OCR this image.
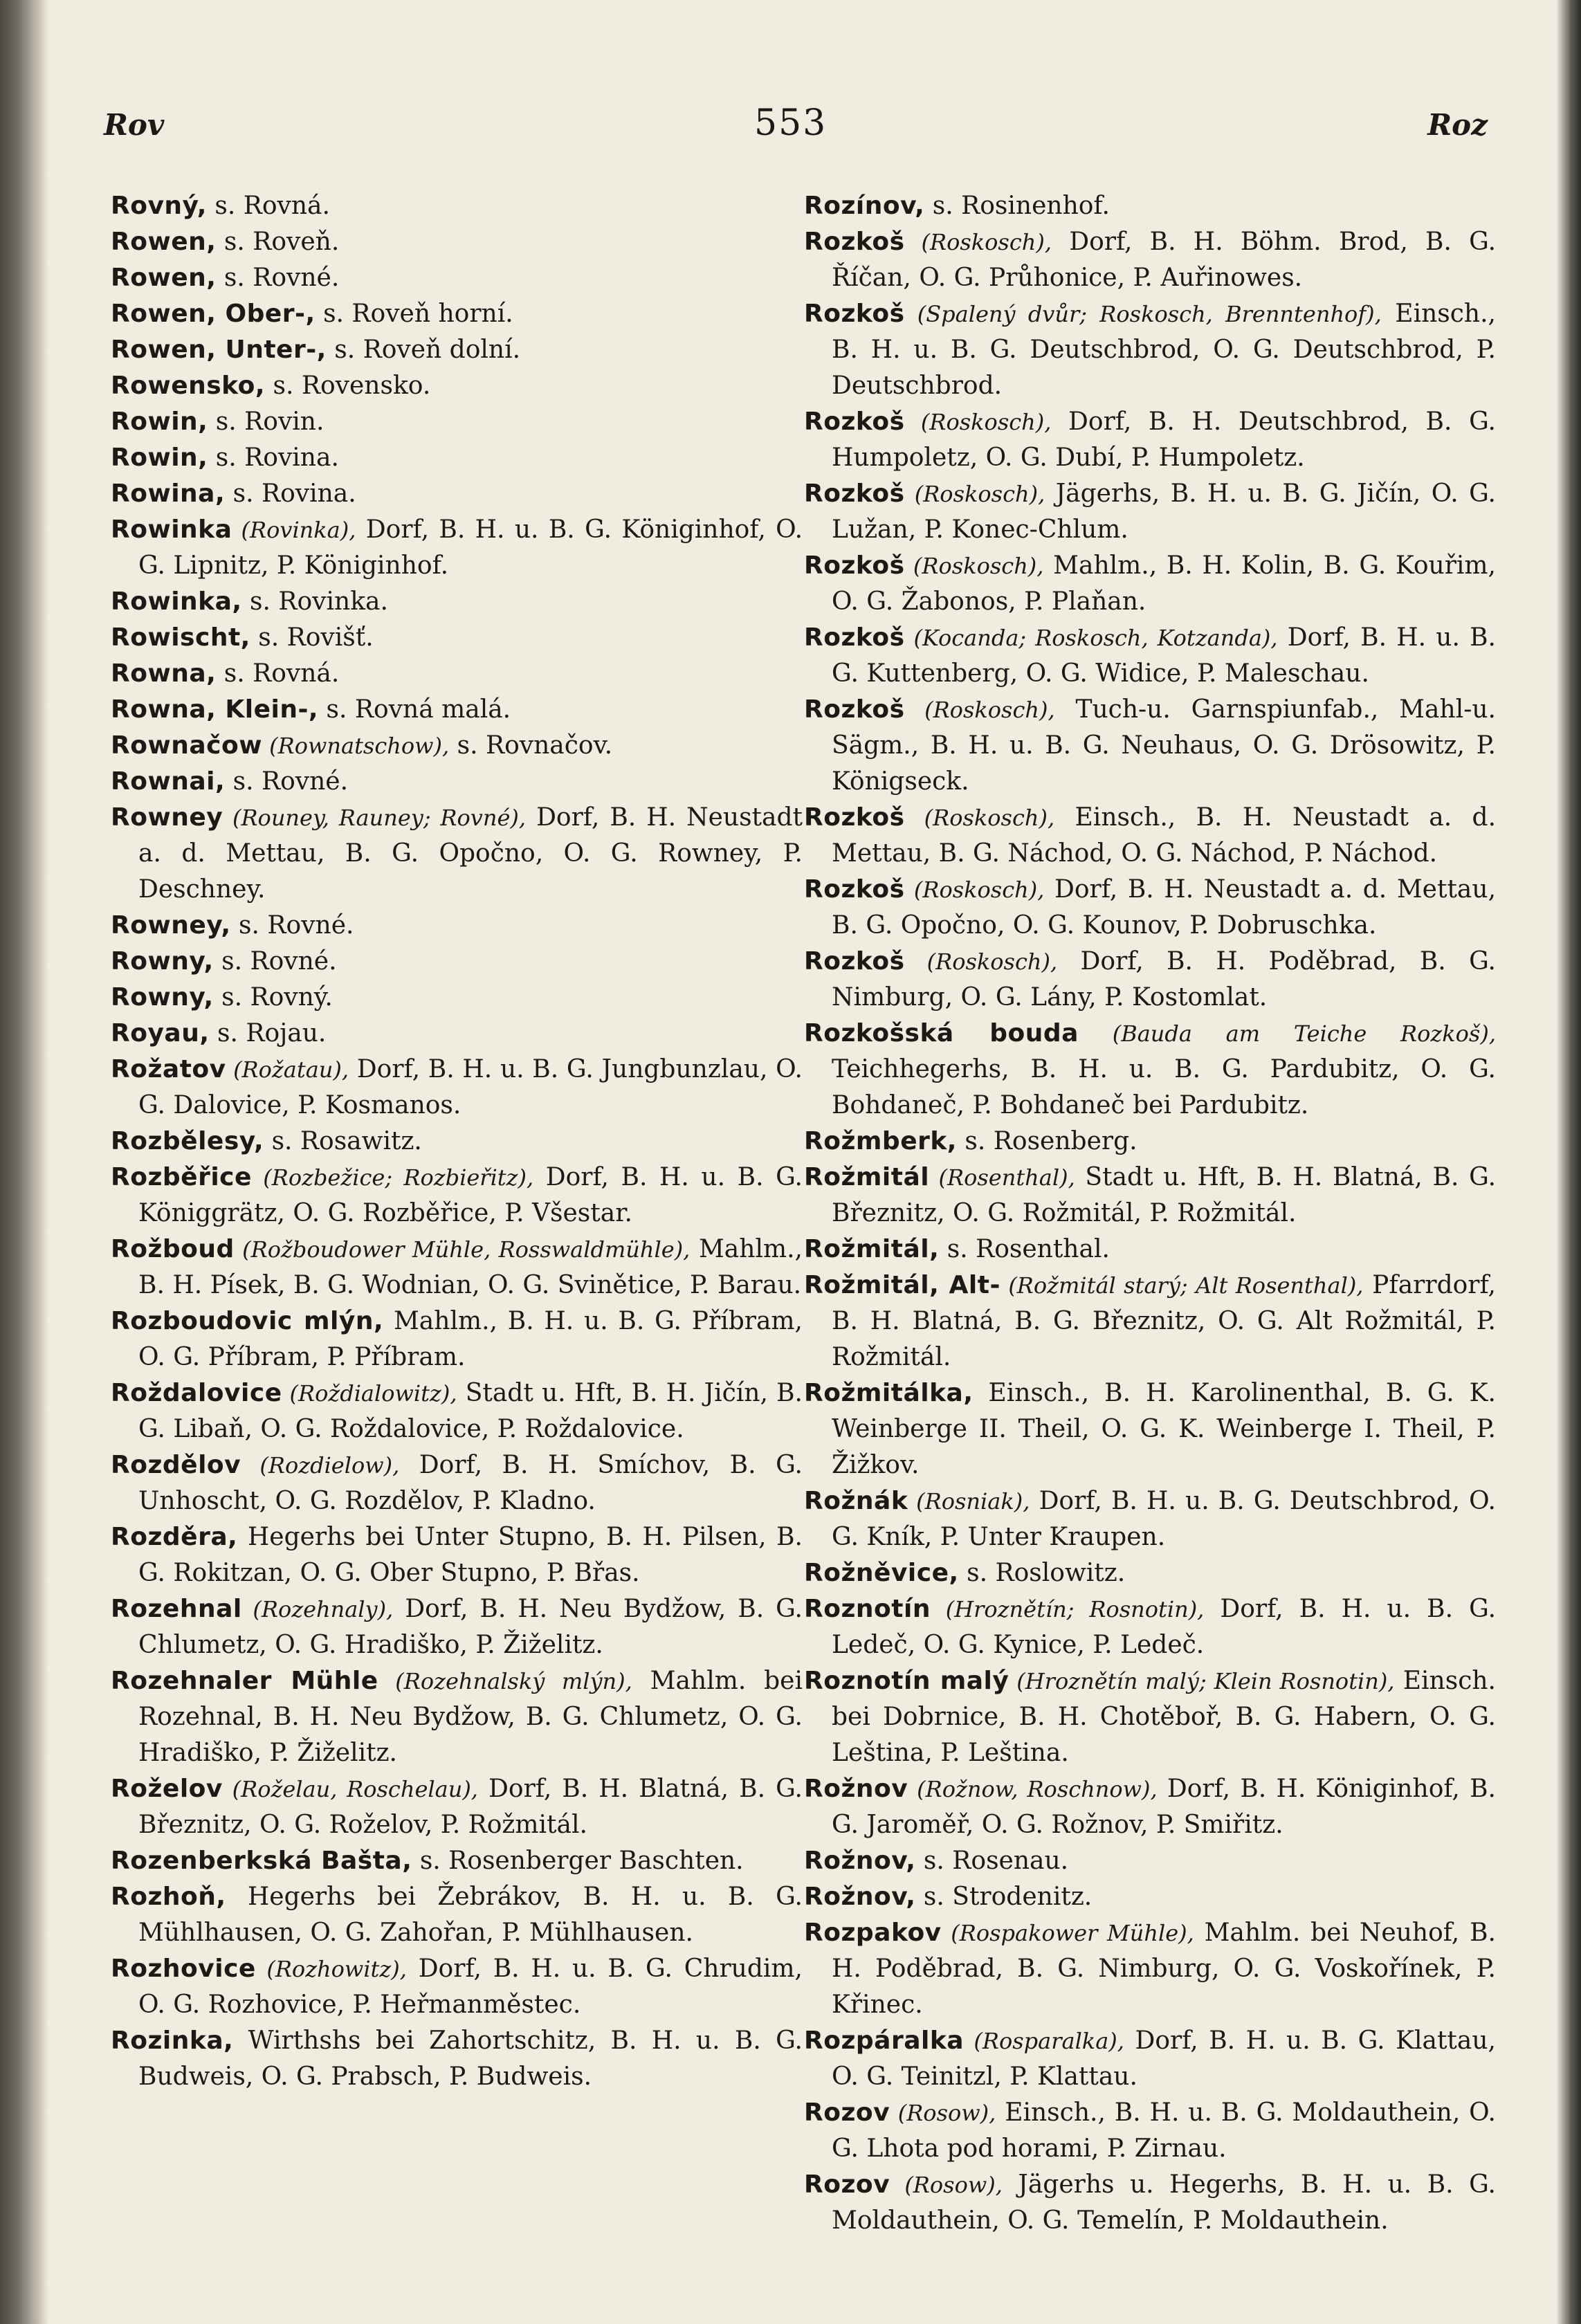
Rov	553	Roz

Rovný, s. Rovná.

Rowen, s. Roveň.

Rowen, s. Rovné.

Rowen, Ober-, s. Roveň horní.

Rowen, Unter-, s. Roveň dolní.

Rowensko, s. Rovensko.

Rowin, s. Rovin.

Rowin, s. Rovina.

Rowina, s. Rovina.

Rowinka (Rovinka), Dorf, B. H. u. B. G. Königinhof, O. G. Lipnitz, P. Königinhof.

Rowinka, s. Rovinka.

Rowischt, s. Rovišť.

Rowna, s. Rovná.

Rowna, Klein-, s. Rovná malá.

Rownačow (Rownatschow), s. Rovnačov.

Rownai, s. Rovné.

Rowney (Rouney, Rauney; Rovné), Dorf, B. H. Neustadt a. d. Mettau, B. G. Opočno, O. G. Rowney, P. Deschney.

Rowney, s. Rovné.

Rowny, s. Rovné.

Rowny, s. Rovný.

Royau, s. Rojau.

Rožatov (Rožatau), Dorf, B. H. u. B. G. Jungbunzlau, O. G. Dalovice, P. Kosmanos.

Rozbělesy, s. Rosawitz.

Rozběřice (Rozbežice; Rozbieřitz), Dorf, B. H. u. B. G. Königgrätz, O. G. Rozběřice, P. Všestar.

Rožboud (Rožboudower Mühle, Rosswaldmühle), Mahlm., B. H. Písek, B. G. Wodnian, O. G. Svinětice, P. Barau.

Rozboudovic mlýn, Mahlm., B. H. u. B. G. Příbram, O. G. Příbram, P. Příbram.

Roždalovice (Roždialowitz), Stadt u. Hft, B. H. Jičín, B. G. Libaň, O. G. Roždalovice, P. Roždalovice.

Rozdělov (Rozdielow), Dorf, B. H. Smíchov, B. G. Unhoscht, O. G. Rozdělov, P. Kladno.

Rozděra, Hegerhs bei Unter Stupno, B. H. Pilsen, B. G. Rokitzan, O. G. Ober Stupno, P. Břas.

Rozehnal (Rozehnaly), Dorf, B. H. Neu Bydžow, B. G. Chlumetz, O. G. Hradiško, P. Žiželitz.

Rozehnaler Mühle (Rozehnalský mlýn), Mahlm. bei Rozehnal, B. H. Neu Bydžow, B. G. Chlumetz, O. G. Hradiško, P. Žiželitz.

Roželov (Roželau, Roschelau), Dorf, B. H. Blatná, B. G. Březnitz, O. G. Roželov, P. Rožmitál.

Rozenberkská Bašta, s. Rosenberger Baschten.

Rozhoň, Hegerhs bei Žebrákov, B. H. u. B. G. Mühlhausen, O. G. Zahořan, P. Mühlhausen.

Rozhovice (Rozhowitz), Dorf, B. H. u. B. G. Chrudim, O. G. Rozhovice, P. Heřmanměstec.

Rozinka, Wirthshs bei Zahortschitz, B. H. u. B. G. Budweis, O. G. Prabsch, P. Budweis.

Rozínov, s. Rosinenhof.

Rozkoš (Roskosch), Dorf, B. H. Böhm. Brod, B. G. Říčan, O. G. Průhonice, P. Auřinowes.

Rozkoš (Spalený dvůr; Roskosch, Brenntenhof), Einsch., B. H. u. B. G. Deutschbrod, O. G. Deutschbrod, P. Deutschbrod.

Rozkoš (Roskosch), Dorf, B. H. Deutschbrod, B. G. Humpoletz, O. G. Dubí, P. Humpoletz.

Rozkoš (Roskosch), Jägerhs, B. H. u. B. G. Jičín, O. G. Lužan, P. Konec-Chlum.

Rozkoš (Roskosch), Mahlm., B. H. Kolin, B. G. Kouřim, O. G. Žabonos, P. Plaňan.

Rozkoš (Kocanda; Roskosch, Kotzanda), Dorf, B. H. u. B. G. Kuttenberg, O. G. Widice, P. Maleschau.

Rozkoš (Roskosch), Tuch-u. Garnspiunfab., Mahl-u. Sägm., B. H. u. B. G. Neuhaus, O. G. Drösowitz, P. Königseck.

Rozkoš (Roskosch), Einsch., B. H. Neustadt a. d. Mettau, B. G. Náchod, O. G. Náchod, P. Náchod.

Rozkoš (Roskosch), Dorf, B. H. Neustadt a. d. Mettau, B. G. Opočno, O. G. Kounov, P. Dobruschka.

Rozkoš (Roskosch), Dorf, B. H. Poděbrad, B. G. Nimburg, O. G. Lány, P. Kostomlat.

Rozkošská bouda (Bauda am Teiche Rozkoš), Teichhegerhs, B. H. u. B. G. Pardubitz, O. G. Bohdaneč, P. Bohdaneč bei Pardubitz.

Rožmberk, s. Rosenberg.

Rožmitál (Rosenthal), Stadt u. Hft, B. H. Blatná, B. G. Březnitz, O. G. Rožmitál, P. Rožmitál.

Rožmitál, s. Rosenthal.

Rožmitál, Alt- (Rožmitál starý; Alt Rosenthal), Pfarrdorf, B. H. Blatná, B. G. Březnitz, O. G. Alt Rožmitál, P. Rožmitál.

Rožmitálka, Einsch., B. H. Karolinenthal, B. G. K. Weinberge II. Theil, O. G. K. Weinberge I. Theil, P. Žižkov.

Rožnák (Rosniak), Dorf, B. H. u. B. G. Deutschbrod, O. G. Kník, P. Unter Kraupen.

Rožněvice, s. Roslowitz.

Roznotín (Hroznětín; Rosnotin), Dorf, B. H. u. B. G. Ledeč, O. G. Kynice, P. Ledeč.

Roznotín malý (Hroznětín malý; Klein Rosnotin), Einsch. bei Dobrnice, B. H. Chotěboř, B. G. Habern, O. G. Leština, P. Leština.

Rožnov (Rožnow, Roschnow), Dorf, B. H. Königinhof, B. G. Jaroměř, O. G. Rožnov, P. Smiřitz.

Rožnov, s. Rosenau.

Rožnov, s. Strodenitz.

Rozpakov (Rospakower Mühle), Mahlm. bei Neuhof, B. H. Poděbrad, B. G. Nimburg, O. G. Voskořínek, P. Křinec.

Rozpáralka (Rosparalka), Dorf, B. H. u. B. G. Klattau, O. G. Teinitzl, P. Klattau.

Rozov (Rosow), Einsch., B. H. u. B. G. Moldauthein, O. G. Lhota pod horami, P. Zirnau.

Rozov (Rosow), Jägerhs u. Hegerhs, B. H. u. B. G. Moldauthein, O. G. Temelín, P. Moldauthein.
